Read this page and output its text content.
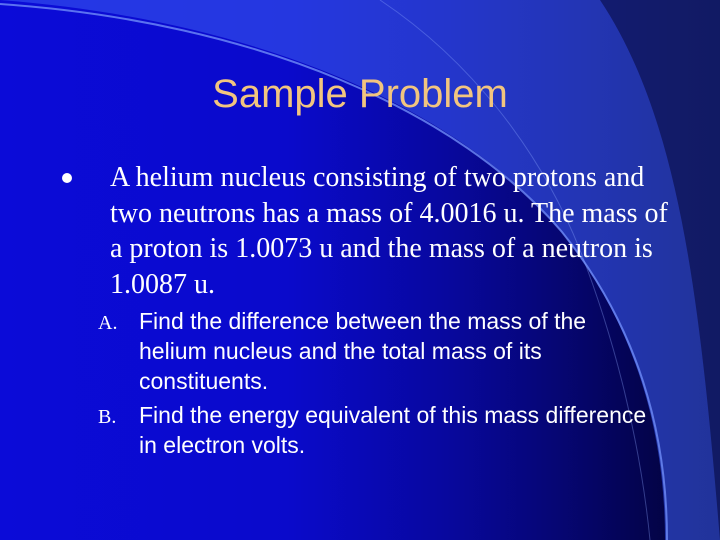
Sample Problem

A helium nucleus consisting of two protons and two neutrons has a mass of 4.0016 u. The mass of a proton is 1.0073 u and the mass of a neutron is 1.0087 u.

A. Find the difference between the mass of the helium nucleus and the total mass of its constituents.
B. Find the energy equivalent of this mass difference in electron volts.
